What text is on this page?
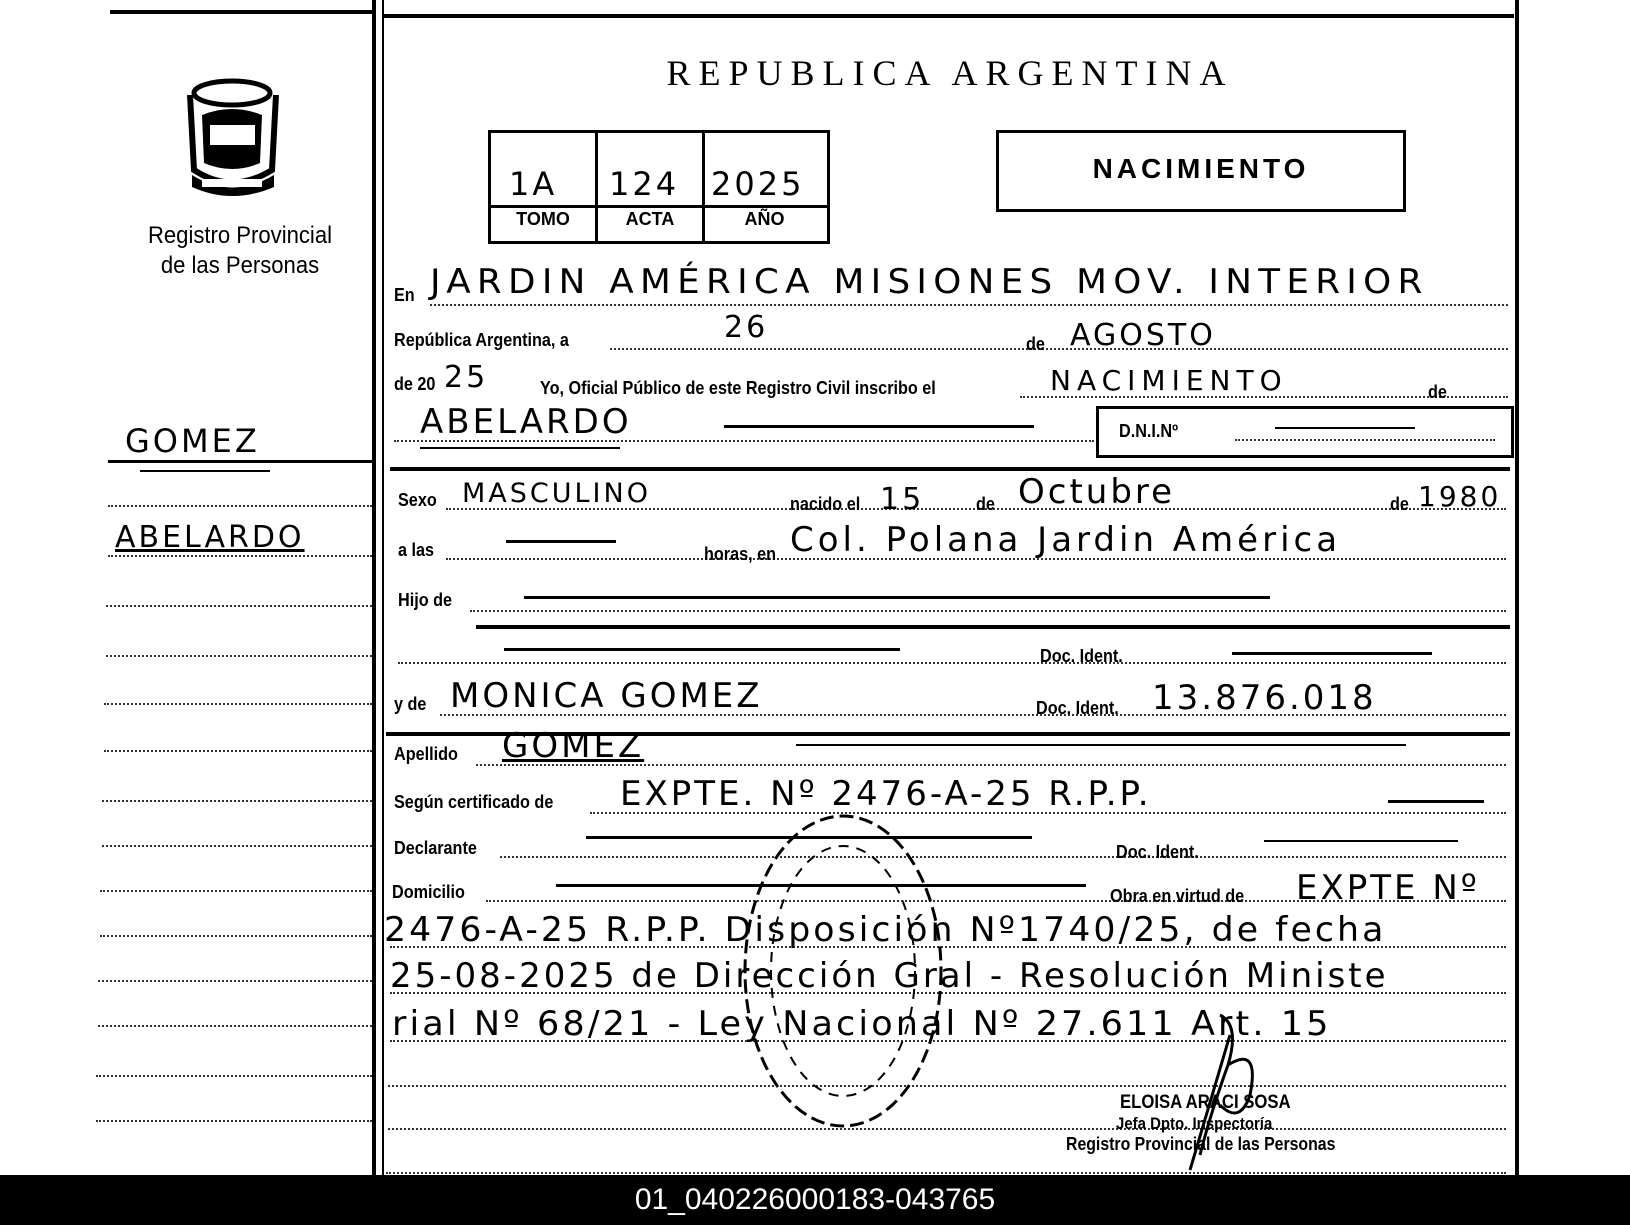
Registro Provincial
de las Personas
GOMEZ
ABELARDO
REPUBLICA ARGENTINA
1A 124 2025
TOMO	ACTA	AÑO
NACIMIENTO
En JARDIN AMÉRICA MISIONES MOV. INTERIOR
República Argentina, a	26	de AGOSTO
de 20 25	Yo, Oficial Público de este Registro Civil inscribo el	NACIMIENTO	de
ABELARDO	D.N.I.Nº
Sexo MASCULINO	nacido el 15	de Octubre	de 1980
a las	horas, en Col. Polana Jardin América
Hijo de
Doc. Ident.
y de MONICA GOMEZ	Doc. Ident. 13.876.018
Apellido GOMEZ
Según certificado de EXPTE. Nº 2476-A-25 R.P.P.
Declarante	Doc. Ident.
Domicilio	Obra en virtud de EXPTE Nº
2476-A-25 R.P.P. Disposición Nº1740/25, de fecha
25-08-2025 de Dirección Gral - Resolución Ministe
rial Nº 68/21 - Ley Nacional Nº 27.611 Art. 15
ELOISA ARACI SOSA
Jefa Dpto. Inspectoría
Registro Provincial de las Personas
01_040226000183-043765
